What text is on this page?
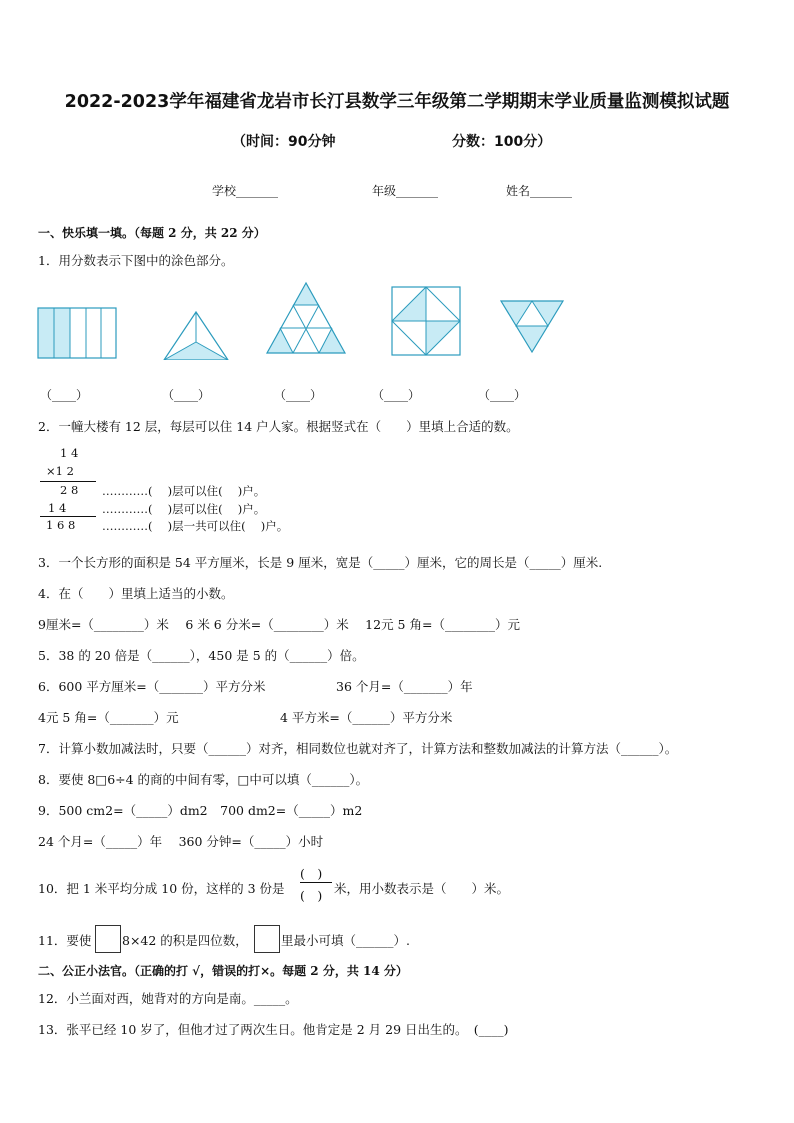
2022-2023学年福建省龙岩市长汀县数学三年级第二学期期末学业质量监测模拟试题
（时间：90分钟	分数：100分）
学校_______	年级_______	姓名_______
一、快乐填一填。（每题 2 分，共 22 分）
1．用分数表示下图中的涂色部分。
（____）	（____）	（____）	（____）	（____）
2．一幢大楼有 12 层，每层可以住 14 户人家。根据竖式在（　　）里填上合适的数。
1 4
×1 2
2 8
1 4
1 6 8
…………(　 )层可以住(　 )户。
…………(　 )层可以住(　 )户。
…………(　 )层一共可以住(　 )户。
3．一个长方形的面积是 54 平方厘米，长是 9 厘米，宽是（_____）厘米，它的周长是（_____）厘米.
4．在（　　）里填上适当的小数。
9厘米=（________）米　 6 米 6 分米=（________）米　 12元 5 角=（________）元
5．38 的 20 倍是（______），450 是 5 的（______）倍。
6．600 平方厘米=（_______）平方分米	36 个月=（_______）年
4元 5 角=（_______）元	4 平方米=（______）平方分米
7．计算小数加减法时，只要（______）对齐，相同数位也就对齐了，计算方法和整数加减法的计算方法（______）。
8．要使 8□6÷4 的商的中间有零，□中可以填（______）。
9．500 cm2=（_____）dm2　700 dm2=（_____）m2
24 个月=（_____）年　 360 分钟=（_____）小时
10．把 1 米平均分成 10 份，这样的 3 份是
(　)
(　) 米，用小数表示是（　　）米。
11．要使 8×42 的积是四位数，	里最小可填（______）.
二、公正小法官。（正确的打 √，错误的打×。每题 2 分，共 14 分）
12．小兰面对西，她背对的方向是南。_____。
13．张平已经 10 岁了，但他才过了两次生日。他肯定是 2 月 29 日出生的。　(____)
